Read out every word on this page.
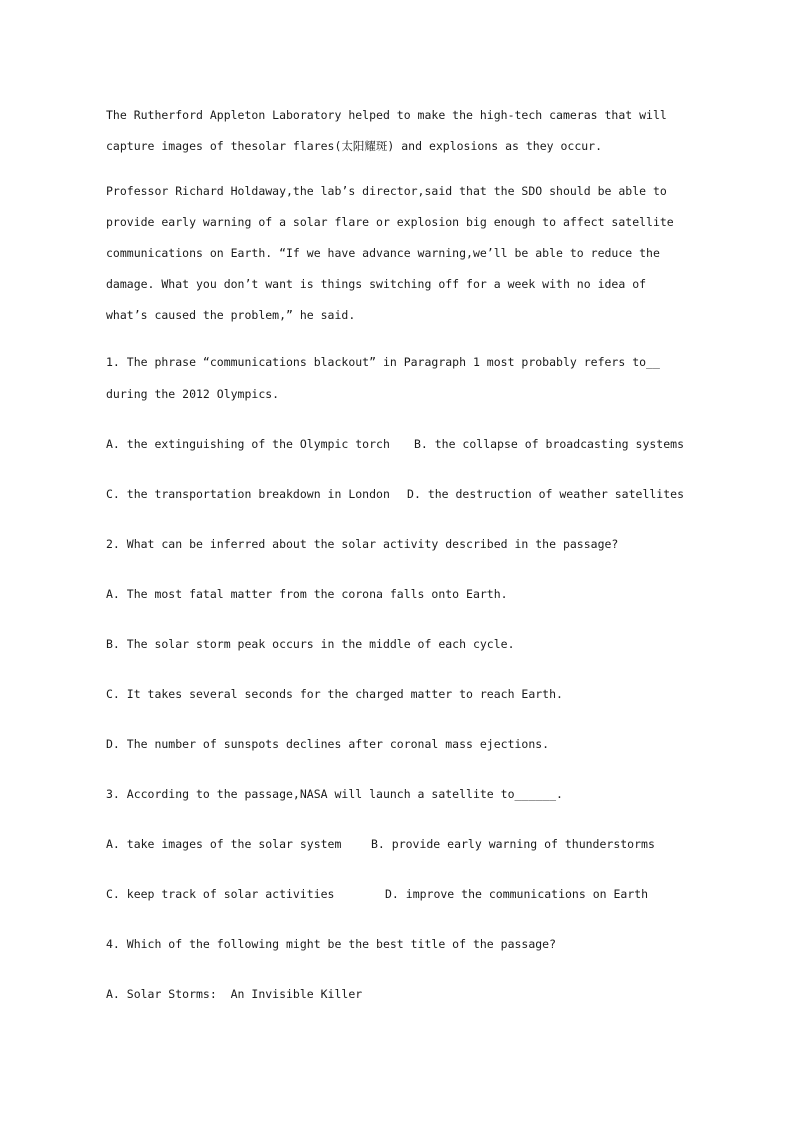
The Rutherford Appleton Laboratory helped to make the high-tech cameras that will capture images of thesolar flares(太阳耀斑) and explosions as they occur.

Professor Richard Holdaway,the lab’s director,said that the SDO should be able to provide early warning of a solar flare or explosion big enough to affect satellite communications on Earth. “If we have advance warning,we’ll be able to reduce the damage. What you don’t want is things switching off for a week with no idea of what’s caused the problem,” he said.

1. The phrase “communications blackout” in Paragraph 1 most probably refers to__
during the 2012 Olympics.
A. the extinguishing of the Olympic torch B. the collapse of broadcasting systems
C. the transportation breakdown in London D. the destruction of weather satellites
2. What can be inferred about the solar activity described in the passage?
A. The most fatal matter from the corona falls onto Earth.
B. The solar storm peak occurs in the middle of each cycle.
C. It takes several seconds for the charged matter to reach Earth.
D. The number of sunspots declines after coronal mass ejections.
3. According to the passage,NASA will launch a satellite to______.
A. take images of the solar system	B. provide early warning of thunderstorms
C. keep track of solar activities	D. improve the communications on Earth
4. Which of the following might be the best title of the passage?
A. Solar Storms:  An Invisible Killer
